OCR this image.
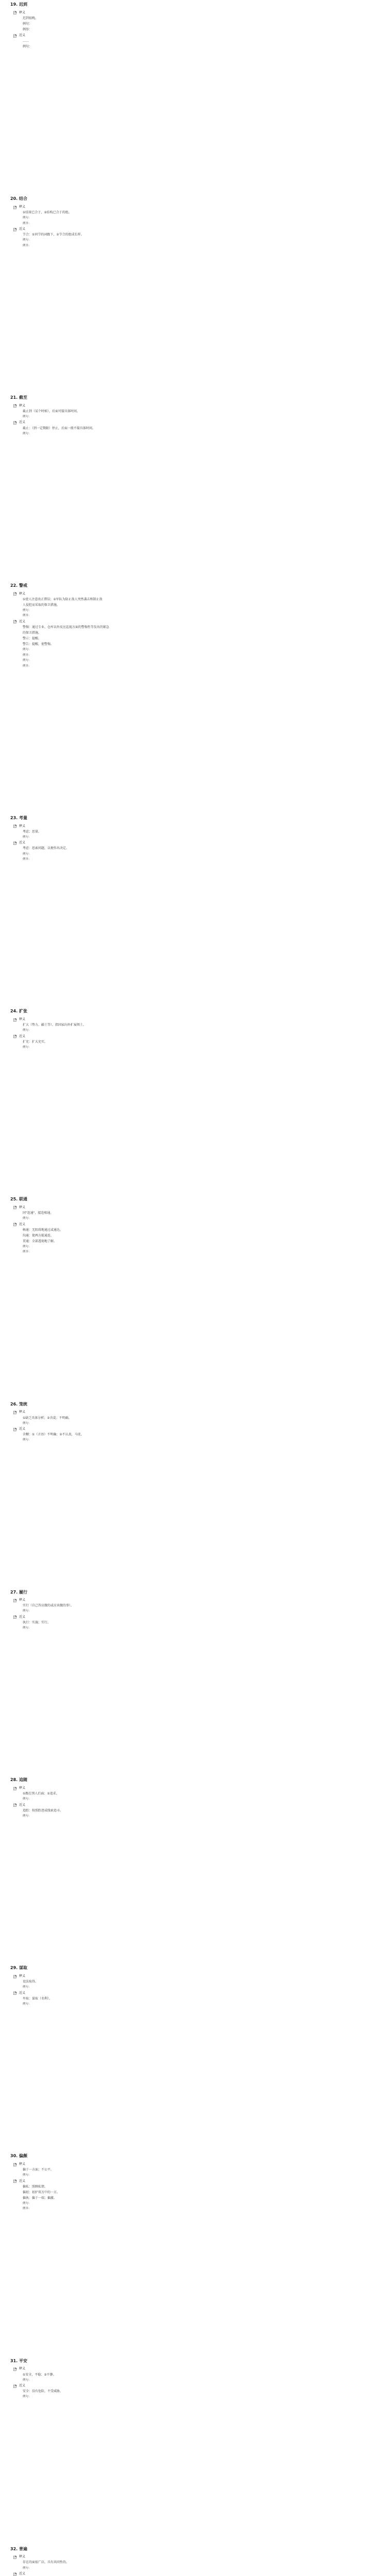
19. 迟到
释义
迟到很晚。
例句：
例举：
近义
……
例句：
20. 结合
释义
①结果已合于，②结构已合于的组。
例句：
例举：
近义
节合：①同节的词跟下，②节合的组成长样。
例句：
例举：
21. 截至
释义
截止到（某个时候），后面可接具体时间。
例句：
近义
截止：（到一定期限）停止，后面一般不接具体时间。
例句：
22. 警戒
释义
①使人注意改正错误；②军队为防止敌人突然袭击和制止敌
人侵犯而采取的保卫措施。
例句：
例举：
近义
警惕：通过专业、仓库以外反应巡视方面的警惕性等发出的紧急
的保卫措施。
警示：提醒。
警告：提醒，使警惕。
例句：
例举：
例句：
例举：
23. 考量
释义
考虑；思量。
例句：
近义
考虑：思索问题，以便作出决定。
例句：
例举：
24. 扩张
释义
扩大（势力、疆土等），指国家向外扩展领土。
例句：
近义
扩充：扩大充实。
例句：
25. 联通
释义
同"连通"，接连相通。
例句：
近义
畅通：无阻碍地通过或通达。
沟通：使两方能通连。
贯通：全部透彻地了解。
例句：
例举：
26. 笼统
释义
①缺乏具体分析；②含混；不明确。
例句：
近义
含糊：①（言语）不明确；②不认真，马虎。
例句：
27. 履行
释义
实行（自己答应做的或应该做的事）。
例句：
近义
执行：实施；实行。
例句：
28. 追随
释义
①跟在别人后面；②追求。
例句：
近义
追踪：按照踪迹或线索追寻。
例句：
29. 谋取
释义
设法取得。
例句：
近义
牟取：谋取（名利）。
例句：
30. 偏颇
释义
偏于一方面；不公平。
例句：
近义
偏私：照顾私情。
偏袒：袒护双方中的一方。
偏执：偏于一端；偏激。
例句：
例举：
31. 平安
释义
①安全，平稳；②平静。
例句：
近义
安全：没有危险，不受威胁。
例句：
32. 普遍
释义
存在的面很广泛，具有共同性的。
例句：
近义
